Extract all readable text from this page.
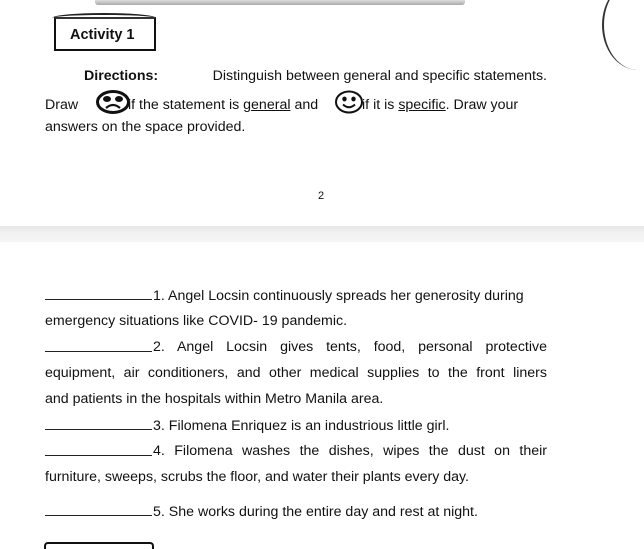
Activity 1
Directions:	Distinguish between general and specific statements.
Draw	if the statement is general and	if it is specific. Draw your
answers on the space provided.
2
1. Angel Locsin continuously spreads her generosity during
emergency situations like COVID- 19 pandemic.
2. Angel Locsin gives tents, food, personal protective
equipment, air conditioners, and other medical supplies to the front liners
and patients in the hospitals within Metro Manila area.
3. Filomena Enriquez is an industrious little girl.
4. Filomena washes the dishes, wipes the dust on their
furniture, sweeps, scrubs the floor, and water their plants every day.
5. She works during the entire day and rest at night.
